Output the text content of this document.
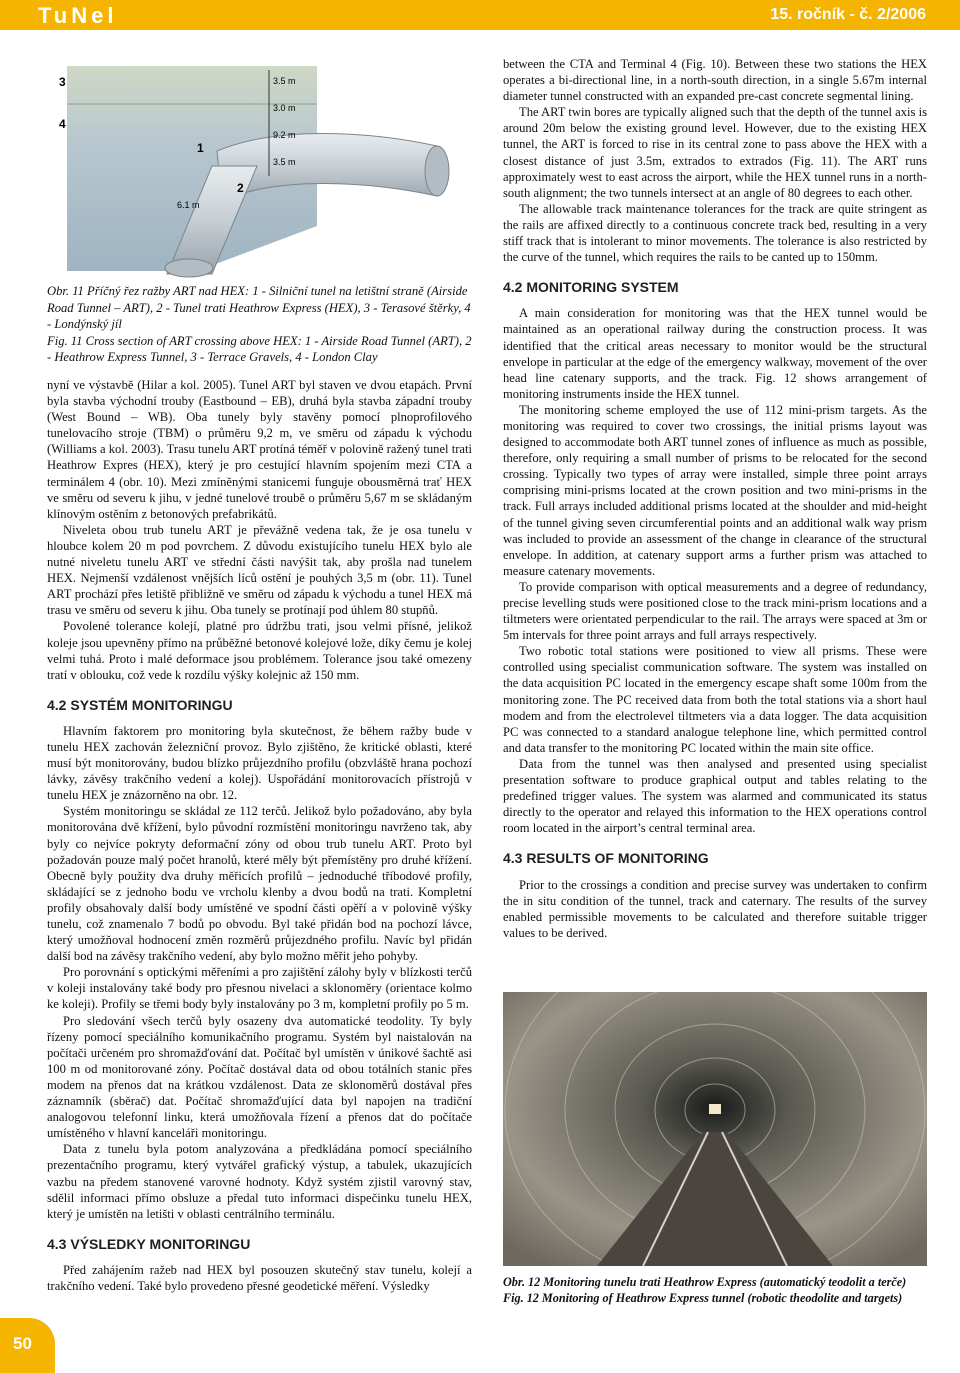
TuNel	15. ročník - č. 2/2006
3
4
1
2
3.5 m
3.0 m
9.2 m
3.5 m
6.1 m
Obr. 11 Příčný řez ražby ART nad HEX: 1 - Silniční tunel na letištní straně (Airside Road Tunnel – ART), 2 - Tunel trati Heathrow Express (HEX), 3 - Terasové štěrky, 4 - Londýnský jíl
Fig. 11 Cross section of ART crossing above HEX: 1 - Airside Road Tunnel (ART), 2 - Heathrow Express Tunnel, 3 - Terrace Gravels, 4 - London Clay

nyní ve výstavbě (Hilar a kol. 2005). Tunel ART byl staven ve dvou etapách. První byla stavba východní trouby (Eastbound – EB), druhá byla stavba západní trouby (West Bound – WB). Oba tunely byly stavěny pomocí plnoprofilového tunelovacího stroje (TBM) o průměru 9,2 m, ve směru od západu k východu (Williams a kol. 2003). Trasu tunelu ART protíná téměř v polovině ražený tunel trati Heathrow Expres (HEX), který je pro cestující hlavním spojením mezi CTA a terminálem 4 (obr. 10). Mezi zmíněnými stanicemi funguje obousměrná trať HEX ve směru od severu k jihu, v jedné tunelové troubě o průměru 5,67 m se skládaným klínovým ostěním z betonových prefabrikátů.

Niveleta obou trub tunelu ART je převážně vedena tak, že je osa tunelu v hloubce kolem 20 m pod povrchem. Z důvodu existujícího tunelu HEX bylo ale nutné niveletu tunelu ART ve střední části navýšit tak, aby prošla nad tunelem HEX. Nejmenší vzdálenost vnějších líců ostění je pouhých 3,5 m (obr. 11). Tunel ART prochází přes letiště přibližně ve směru od západu k východu a tunel HEX má trasu ve směru od severu k jihu. Oba tunely se protínají pod úhlem 80 stupňů.

Povolené tolerance kolejí, platné pro údržbu trati, jsou velmi přísné, jelikož koleje jsou upevněny přímo na průběžné betonové kolejové lože, díky čemu je kolej velmi tuhá. Proto i malé deformace jsou problémem. Tolerance jsou také omezeny tratí v oblouku, což vede k rozdílu výšky kolejnic až 150 mm.

4.2 SYSTÉM MONITORINGU

Hlavním faktorem pro monitoring byla skutečnost, že během ražby bude v tunelu HEX zachován železniční provoz. Bylo zjištěno, že kritické oblasti, které musí být monitorovány, budou blízko průjezdního profilu (obzvláště hrana pochozí lávky, závěsy trakčního vedení a kolej). Uspořádání monitorovacích přístrojů v tunelu HEX je znázorněno na obr. 12.

Systém monitoringu se skládal ze 112 terčů. Jelikož bylo požadováno, aby byla monitorována dvě křížení, bylo původní rozmístění monitoringu navrženo tak, aby byly co nejvíce pokryty deformační zóny od obou trub tunelu ART. Proto byl požadován pouze malý počet hranolů, které měly být přemístěny pro druhé křížení. Obecně byly použity dva druhy měřicích profilů – jednoduché tříbodové profily, skládající se z jednoho bodu ve vrcholu klenby a dvou bodů na trati. Kompletní profily obsahovaly další body umístěné ve spodní části opěří a v polovině výšky tunelu, což znamenalo 7 bodů po obvodu. Byl také přidán bod na pochozí lávce, který umožňoval hodnocení změn rozměrů průjezdného profilu. Navíc byl přidán další bod na závěsy trakčního vedení, aby bylo možno měřit jeho pohyby.

Pro porovnání s optickými měřeními a pro zajištění zálohy byly v blízkosti terčů v koleji instalovány také body pro přesnou nivelaci a sklonoměry (orientace kolmo ke koleji). Profily se třemi body byly instalovány po 3 m, kompletní profily po 5 m.

Pro sledování všech terčů byly osazeny dva automatické teodolity. Ty byly řízeny pomocí speciálního komunikačního programu. Systém byl naistalován na počítači určeném pro shromažďování dat. Počítač byl umístěn v únikové šachtě asi 100 m od monitorované zóny. Počítač dostával data od obou totálních stanic přes modem na přenos dat na krátkou vzdálenost. Data ze sklonoměrů dostával přes záznamník (sběrač) dat. Počítač shromažďující data byl napojen na tradiční analogovou telefonní linku, která umožňovala řízení a přenos dat do počítače umístěného v hlavní kanceláři monitoringu.

Data z tunelu byla potom analyzována a předkládána pomocí speciálního prezentačního programu, který vytvářel grafický výstup, a tabulek, ukazujících vazbu na předem stanovené varovné hodnoty. Když systém zjistil varovný stav, sdělil informaci přímo obsluze a předal tuto informaci dispečinku tunelu HEX, který je umístěn na letišti v oblasti centrálního terminálu.

4.3 VÝSLEDKY MONITORINGU

Před zahájením ražeb nad HEX byl posouzen skutečný stav tunelu, kolejí a trakčního vedení. Také bylo provedeno přesné geodetické měření. Výsledky

between the CTA and Terminal 4 (Fig. 10). Between these two stations the HEX operates a bi-directional line, in a north-south direction, in a single 5.67m internal diameter tunnel constructed with an expanded pre-cast concrete segmental lining.

The ART twin bores are typically aligned such that the depth of the tunnel axis is around 20m below the existing ground level. However, due to the existing HEX tunnel, the ART is forced to rise in its central zone to pass above the HEX with a closest distance of just 3.5m, extrados to extrados (Fig. 11). The ART runs approximately west to east across the airport, while the HEX tunnel runs in a north-south alignment; the two tunnels intersect at an angle of 80 degrees to each other.

The allowable track maintenance tolerances for the track are quite stringent as the rails are affixed directly to a continuous concrete track bed, resulting in a very stiff track that is intolerant to minor movements. The tolerance is also restricted by the curve of the tunnel, which requires the rails to be canted up to 150mm.

4.2 MONITORING SYSTEM

A main consideration for monitoring was that the HEX tunnel would be maintained as an operational railway during the construction process. It was identified that the critical areas necessary to monitor would be the structural envelope in particular at the edge of the emergency walkway, movement of the over head line catenary supports, and the track. Fig. 12 shows arrangement of monitoring instruments inside the HEX tunnel.

The monitoring scheme employed the use of 112 mini-prism targets. As the monitoring was required to cover two crossings, the initial prisms layout was designed to accommodate both ART tunnel zones of influence as much as possible, therefore, only requiring a small number of prisms to be relocated for the second crossing. Typically two types of array were installed, simple three point arrays comprising mini-prisms located at the crown position and two mini-prisms in the track. Full arrays included additional prisms located at the shoulder and mid-height of the tunnel giving seven circumferential points and an additional walk way prism was included to provide an assessment of the change in clearance of the structural envelope. In addition, at catenary support arms a further prism was attached to measure catenary movements.

To provide comparison with optical measurements and a degree of redundancy, precise levelling studs were positioned close to the track mini-prism locations and a tiltmeters were orientated perpendicular to the rail. The arrays were spaced at 3m or 5m intervals for three point arrays and full arrays respectively.

Two robotic total stations were positioned to view all prisms. These were controlled using specialist communication software. The system was installed on the data acquisition PC located in the emergency escape shaft some 100m from the monitoring zone. The PC received data from both the total stations via a short haul modem and from the electrolevel tiltmeters via a data logger. The data acquisition PC was connected to a standard analogue telephone line, which permitted control and data transfer to the monitoring PC located within the main site office.

Data from the tunnel was then analysed and presented using specialist presentation software to produce graphical output and tables relating to the predefined trigger values. The system was alarmed and communicated its status directly to the operator and relayed this information to the HEX operations control room located in the airport’s central terminal area.

4.3 RESULTS OF MONITORING

Prior to the crossings a condition and precise survey was undertaken to confirm the in situ condition of the tunnel, track and caternary. The results of the survey enabled permissible movements to be calculated and therefore suitable trigger values to be derived.

Obr. 12 Monitoring tunelu trati Heathrow Express (automatický teodolit a terče)
Fig. 12 Monitoring of Heathrow Express tunnel (robotic theodolite and targets)
50
